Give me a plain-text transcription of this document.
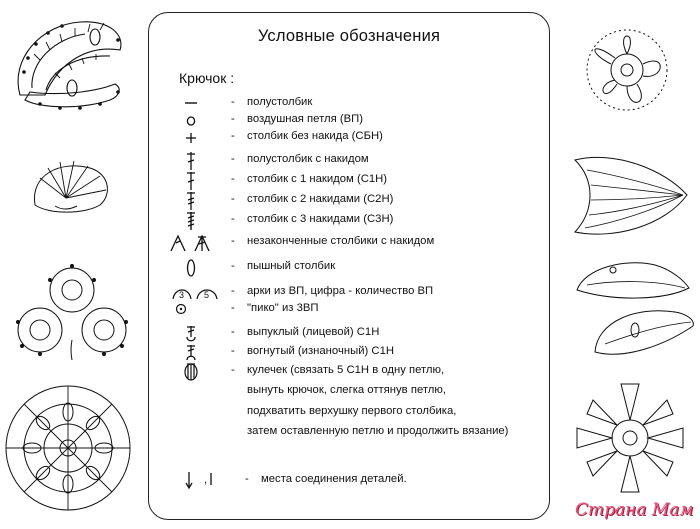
Условные обозначения
Крючок :
- полустолбик
- воздушная петля (ВП)
- столбик без накида (СБН)
- полустолбик с накидом
- столбик с 1 накидом (С1Н)
- столбик с 2 накидами (С2Н)
- столбик с 3 накидами (С3Н)
- незаконченные столбики с накидом
- пышный столбик
3 5 - арки из ВП, цифра - количество ВП
- "пико" из 3ВП
- выпуклый (лицевой) С1Н
- вогнутый (изнаночный) С1Н
- кулечек (связать 5 С1Н в одну петлю,
вынуть крючок, слегка оттянув петлю,
подхватить верхушку первого столбика,
затем оставленную петлю и продолжить вязание)
,	- места соединения деталей.
Страна Мам
